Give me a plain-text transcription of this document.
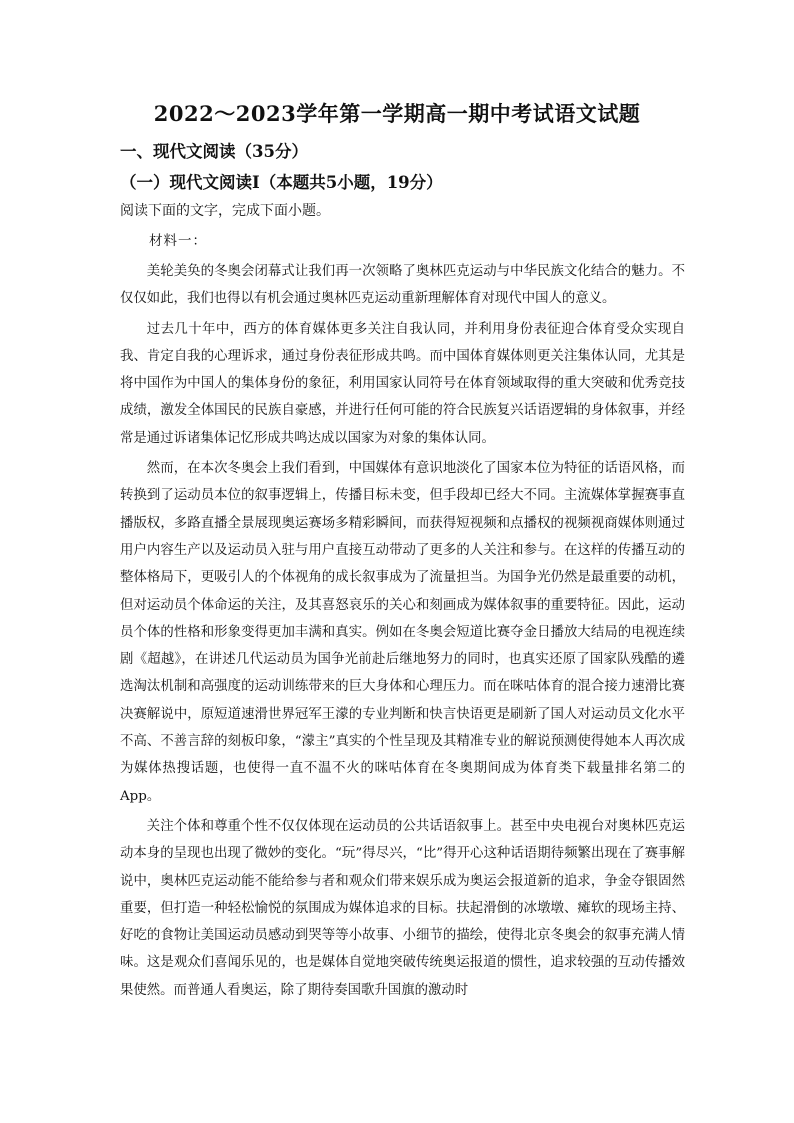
2022～2023学年第一学期高一期中考试语文试题
一、现代文阅读（35分）
（一）现代文阅读Ⅰ（本题共5小题，19分）
阅读下面的文字，完成下面小题。
材料一：

美轮美奂的冬奥会闭幕式让我们再一次领略了奥林匹克运动与中华民族文化结合的魅力。不仅仅如此，我们也得以有机会通过奥林匹克运动重新理解体育对现代中国人的意义。

过去几十年中，西方的体育媒体更多关注自我认同，并利用身份表征迎合体育受众实现自我、肯定自我的心理诉求，通过身份表征形成共鸣。而中国体育媒体则更关注集体认同，尤其是将中国作为中国人的集体身份的象征，利用国家认同符号在体育领域取得的重大突破和优秀竞技成绩，激发全体国民的民族自豪感，并进行任何可能的符合民族复兴话语逻辑的身体叙事，并经常是通过诉诸集体记忆形成共鸣达成以国家为对象的集体认同。

然而，在本次冬奥会上我们看到，中国媒体有意识地淡化了国家本位为特征的话语风格，而转换到了运动员本位的叙事逻辑上，传播目标未变，但手段却已经大不同。主流媒体掌握赛事直播版权，多路直播全景展现奥运赛场多精彩瞬间，而获得短视频和点播权的视频视商媒体则通过用户内容生产以及运动员入驻与用户直接互动带动了更多的人关注和参与。在这样的传播互动的整体格局下，更吸引人的个体视角的成长叙事成为了流量担当。为国争光仍然是最重要的动机，但对运动员个体命运的关注，及其喜怒哀乐的关心和刻画成为媒体叙事的重要特征。因此，运动员个体的性格和形象变得更加丰满和真实。例如在冬奥会短道比赛夺金日播放大结局的电视连续剧《超越》，在讲述几代运动员为国争光前赴后继地努力的同时，也真实还原了国家队残酷的遴选淘汰机制和高强度的运动训练带来的巨大身体和心理压力。而在咪咕体育的混合接力速滑比赛决赛解说中，原短道速滑世界冠军王濛的专业判断和快言快语更是刷新了国人对运动员文化水平不高、不善言辞的刻板印象，“濛主”真实的个性呈现及其精准专业的解说预测使得她本人再次成为媒体热搜话题，也使得一直不温不火的咪咕体育在冬奥期间成为体育类下载量排名第二的App。

关注个体和尊重个性不仅仅体现在运动员的公共话语叙事上。甚至中央电视台对奥林匹克运动本身的呈现也出现了微妙的变化。“玩”得尽兴，“比”得开心这种话语期待频繁出现在了赛事解说中，奥林匹克运动能不能给参与者和观众们带来娱乐成为奥运会报道新的追求，争金夺银固然重要，但打造一种轻松愉悦的氛围成为媒体追求的目标。扶起滑倒的冰墩墩、瘫软的现场主持、好吃的食物让美国运动员感动到哭等等小故事、小细节的描绘，使得北京冬奥会的叙事充满人情味。这是观众们喜闻乐见的，也是媒体自觉地突破传统奥运报道的惯性，追求较强的互动传播效果使然。而普通人看奥运，除了期待奏国歌升国旗的激动时
